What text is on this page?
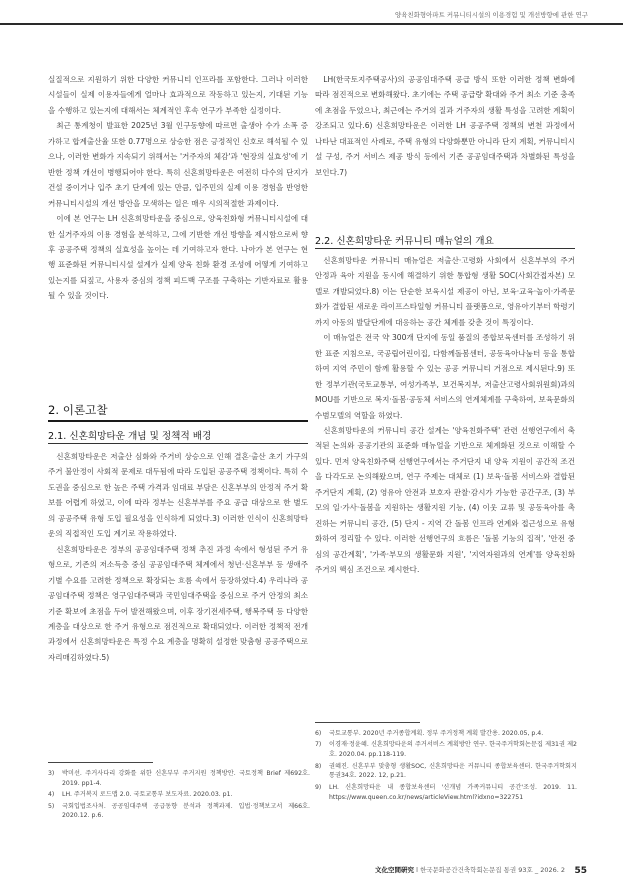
양육친화형아파트 커뮤니티시설의 이용경험 및 개선방향에 관한 연구

실질적으로 지원하기 위한 다양한 커뮤니티 인프라를 포함한다. 그러나 이러한 시설들이 실제 이용자들에게 얼마나 효과적으로 작동하고 있는지, 기대된 기능을 수행하고 있는지에 대해서는 체계적인 후속 연구가 부족한 실정이다.

최근 통계청이 발표한 2025년 3월 인구동향에 따르면 출생아 수가 소폭 증가하고 합계출산율 또한 0.77명으로 상승한 점은 긍정적인 신호로 해석될 수 있으나, 이러한 변화가 지속되기 위해서는 '거주자의 체감'과 '현장의 실효성'에 기반한 정책 개선이 병행되어야 한다. 특히 신혼희망타운은 여전히 다수의 단지가 건설 중이거나 입주 초기 단계에 있는 만큼, 입주민의 실제 이용 경험을 반영한 커뮤니티시설의 개선 방안을 모색하는 일은 매우 시의적절한 과제이다.

이에 본 연구는 LH 신혼희망타운을 중심으로, 양육친화형 커뮤니티시설에 대한 실거주자의 이용 경험을 분석하고, 그에 기반한 개선 방향을 제시함으로써 향후 공공주택 정책의 실효성을 높이는 데 기여하고자 한다. 나아가 본 연구는 현행 표준화된 커뮤니티시설 설계가 실제 양육 친화 환경 조성에 어떻게 기여하고 있는지를 되짚고, 사용자 중심의 정책 피드백 구조를 구축하는 기반자료로 활용될 수 있을 것이다.

2. 이론고찰
2.1. 신혼희망타운 개념 및 정책적 배경

신혼희망타운은 저출산 심화와 주거비 상승으로 인해 결혼·출산 초기 가구의 주거 불안정이 사회적 문제로 대두됨에 따라 도입된 공공주택 정책이다. 특히 수도권을 중심으로 한 높은 주택 가격과 임대료 부담은 신혼부부의 안정적 주거 확보를 어렵게 하였고, 이에 따라 정부는 신혼부부를 주요 공급 대상으로 한 별도의 공공주택 유형 도입 필요성을 인식하게 되었다.3) 이러한 인식이 신혼희망타운의 직접적인 도입 계기로 작용하였다.

신혼희망타운은 정부의 공공임대주택 정책 추진 과정 속에서 형성된 주거 유형으로, 기존의 저소득층 중심 공공임대주택 체계에서 청년·신혼부부 등 생애주기별 수요를 고려한 정책으로 확장되는 흐름 속에서 등장하였다.4) 우리나라 공공임대주택 정책은 영구임대주택과 국민임대주택을 중심으로 주거 안정의 최소 기준 확보에 초점을 두어 발전해왔으며, 이후 장기전세주택, 행복주택 등 다양한 계층을 대상으로 한 주거 유형으로 점진적으로 확대되었다. 이러한 정책적 전개 과정에서 신혼희망타운은 특정 수요 계층을 명확히 설정한 맞춤형 공공주택으로 자리매김하였다.5)

3)	박미선. 주거사다리 강화를 위한 신혼부부 주거지원 정책방안. 국토정책 Brief 제692호. 2019. pp1-4.
4)	LH. 주거복지 로드맵 2.0. 국토교통부 보도자료. 2020.03. p1.
5)	국회입법조사처. 공공임대주택 공급동향 분석과 정책과제. 입법·정책보고서 제66호. 2020.12. p.6.

LH(한국토지주택공사)의 공공임대주택 공급 방식 또한 이러한 정책 변화에 따라 점진적으로 변화해왔다. 초기에는 주택 공급량 확대와 주거 최소 기준 충족에 초점을 두었으나, 최근에는 주거의 질과 거주자의 생활 특성을 고려한 계획이 강조되고 있다.6) 신혼희망타운은 이러한 LH 공공주택 정책의 변천 과정에서 나타난 대표적인 사례로, 주택 유형의 다양화뿐만 아니라 단지 계획, 커뮤니티시설 구성, 주거 서비스 제공 방식 등에서 기존 공공임대주택과 차별화된 특성을 보인다.7)

2.2. 신혼희망타운 커뮤니티 매뉴얼의 개요

신혼희망타운 커뮤니티 매뉴얼은 저출산·고령화 사회에서 신혼부부의 주거 안정과 육아 지원을 동시에 해결하기 위한 통합형 생활 SOC(사회간접자본) 모델로 개발되었다.8) 이는 단순한 보육시설 제공이 아닌, 보육·교육·놀이·가족문화가 결합된 새로운 라이프스타일형 커뮤니티 플랫폼으로, 영유아기부터 학령기까지 아동의 발달단계에 대응하는 공간 체계를 갖춘 것이 특징이다.

이 매뉴얼은 전국 약 300개 단지에 동일 품질의 종합보육센터를 조성하기 위한 표준 지침으로, 국공립어린이집, 다함께돌봄센터, 공동육아나눔터 등을 통합하여 지역 주민이 함께 활용할 수 있는 공공 커뮤니티 거점으로 제시된다.9) 또한 정부기관(국토교통부, 여성가족부, 보건복지부, 저출산고령사회위원회)과의 MOU를 기반으로 복지·돌봄·공동체 서비스의 연계체계를 구축하여, 보육문화의 수범모델의 역할을 하였다.

신혼희망타운의 커뮤니티 공간 설계는 '양육친화주택' 관련 선행연구에서 축적된 논의와 공공기관의 표준화 매뉴얼을 기반으로 체계화된 것으로 이해할 수 있다. 먼저 양육친화주택 선행연구에서는 주거단지 내 양육 지원이 공간적 조건을 다각도로 논의해왔으며, 연구 주제는 대체로 (1) 보육·돌봄 서비스와 결합된 주거단지 계획, (2) 영유아 안전과 보호자 관찰·감시가 가능한 공간구조, (3) 부모의 일·가사·돌봄을 지원하는 생활지원 기능, (4) 이웃 교류 및 공동육아를 촉진하는 커뮤니티 공간, (5) 단지 - 지역 간 돌봄 인프라 연계와 접근성으로 유형화하여 정리할 수 있다. 이러한 선행연구의 흐름은 '돌봄 기능의 집적', '안전 중심의 공간계획', '가족·부모의 생활문화 지원', '지역자원과의 연계'를 양육친화 주거의 핵심 조건으로 제시한다.

6)	국토교통부. 2020년 주거종합계획. 정부 주거정책 계획 발간용. 2020.05, p.4.
7)	이경재·정윤혜. 신혼희망타운의 주거서비스 계획방안 연구. 한국주거학회논문집 제31권 제2호. 2020.04. pp.118-119.
8)	권혜진. 신혼부부 맞춤형 생활SOC, 신혼희망타운 커뮤니티 종합보육센터. 한국주거학회지 통권34호. 2022. 12, p.21.
9)	LH. 신혼희망타운 내 종합보육센터 '신개념 가족커뮤니티 공간'조성. 2019. 11. https://www.queen.co.kr/news/articleView.html?idxno=322751
文化空間硏究 l 한국문화공간건축학회논문집 통권 93호 _ 2026. 2 55
